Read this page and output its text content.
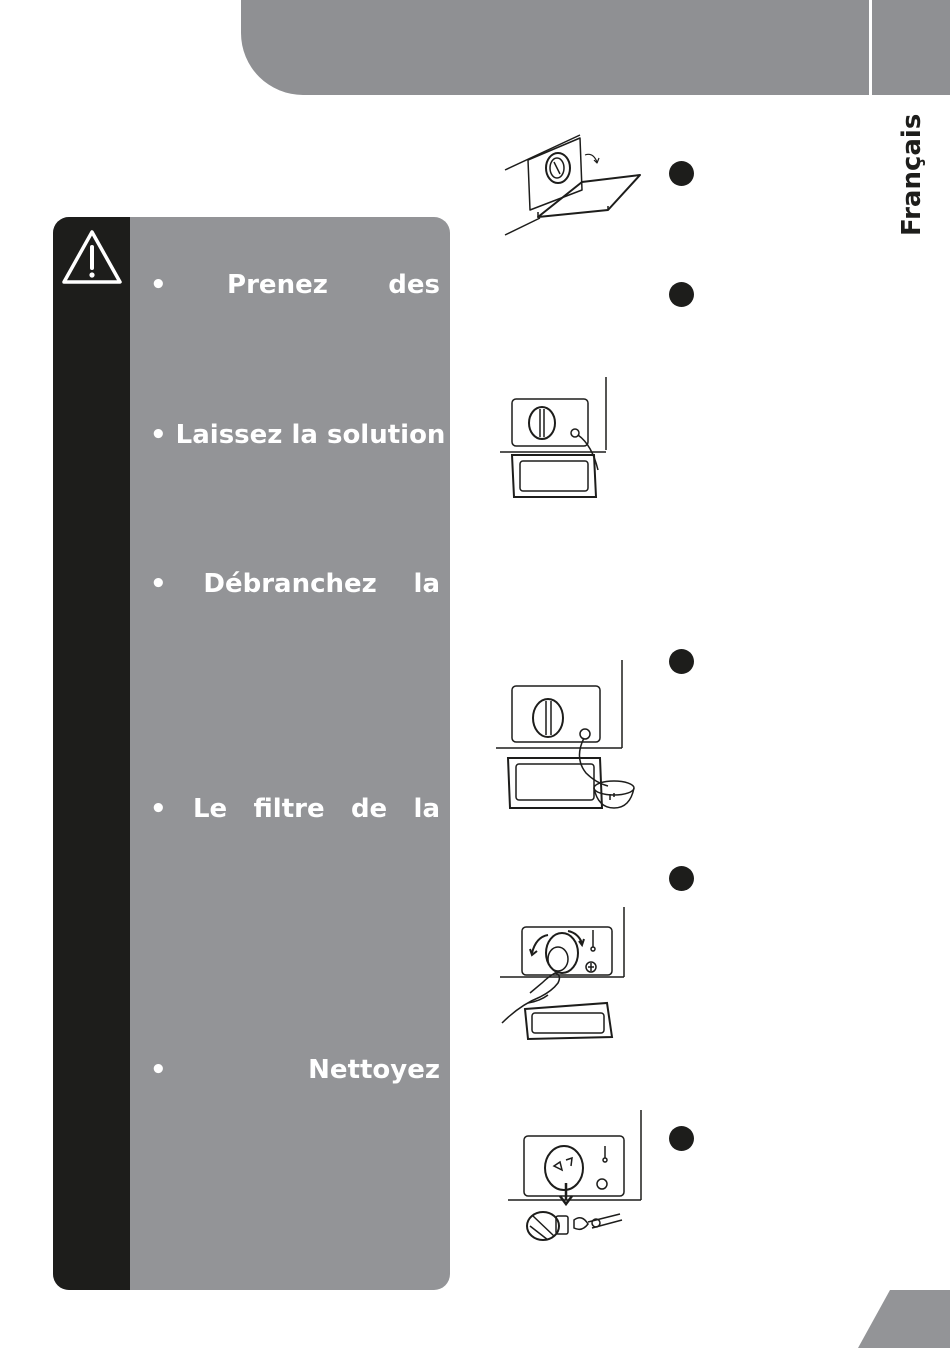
Français
• Prenez des
• Laissez la solution
• Débranchez la
• Le filtre de la
• Nettoyez
